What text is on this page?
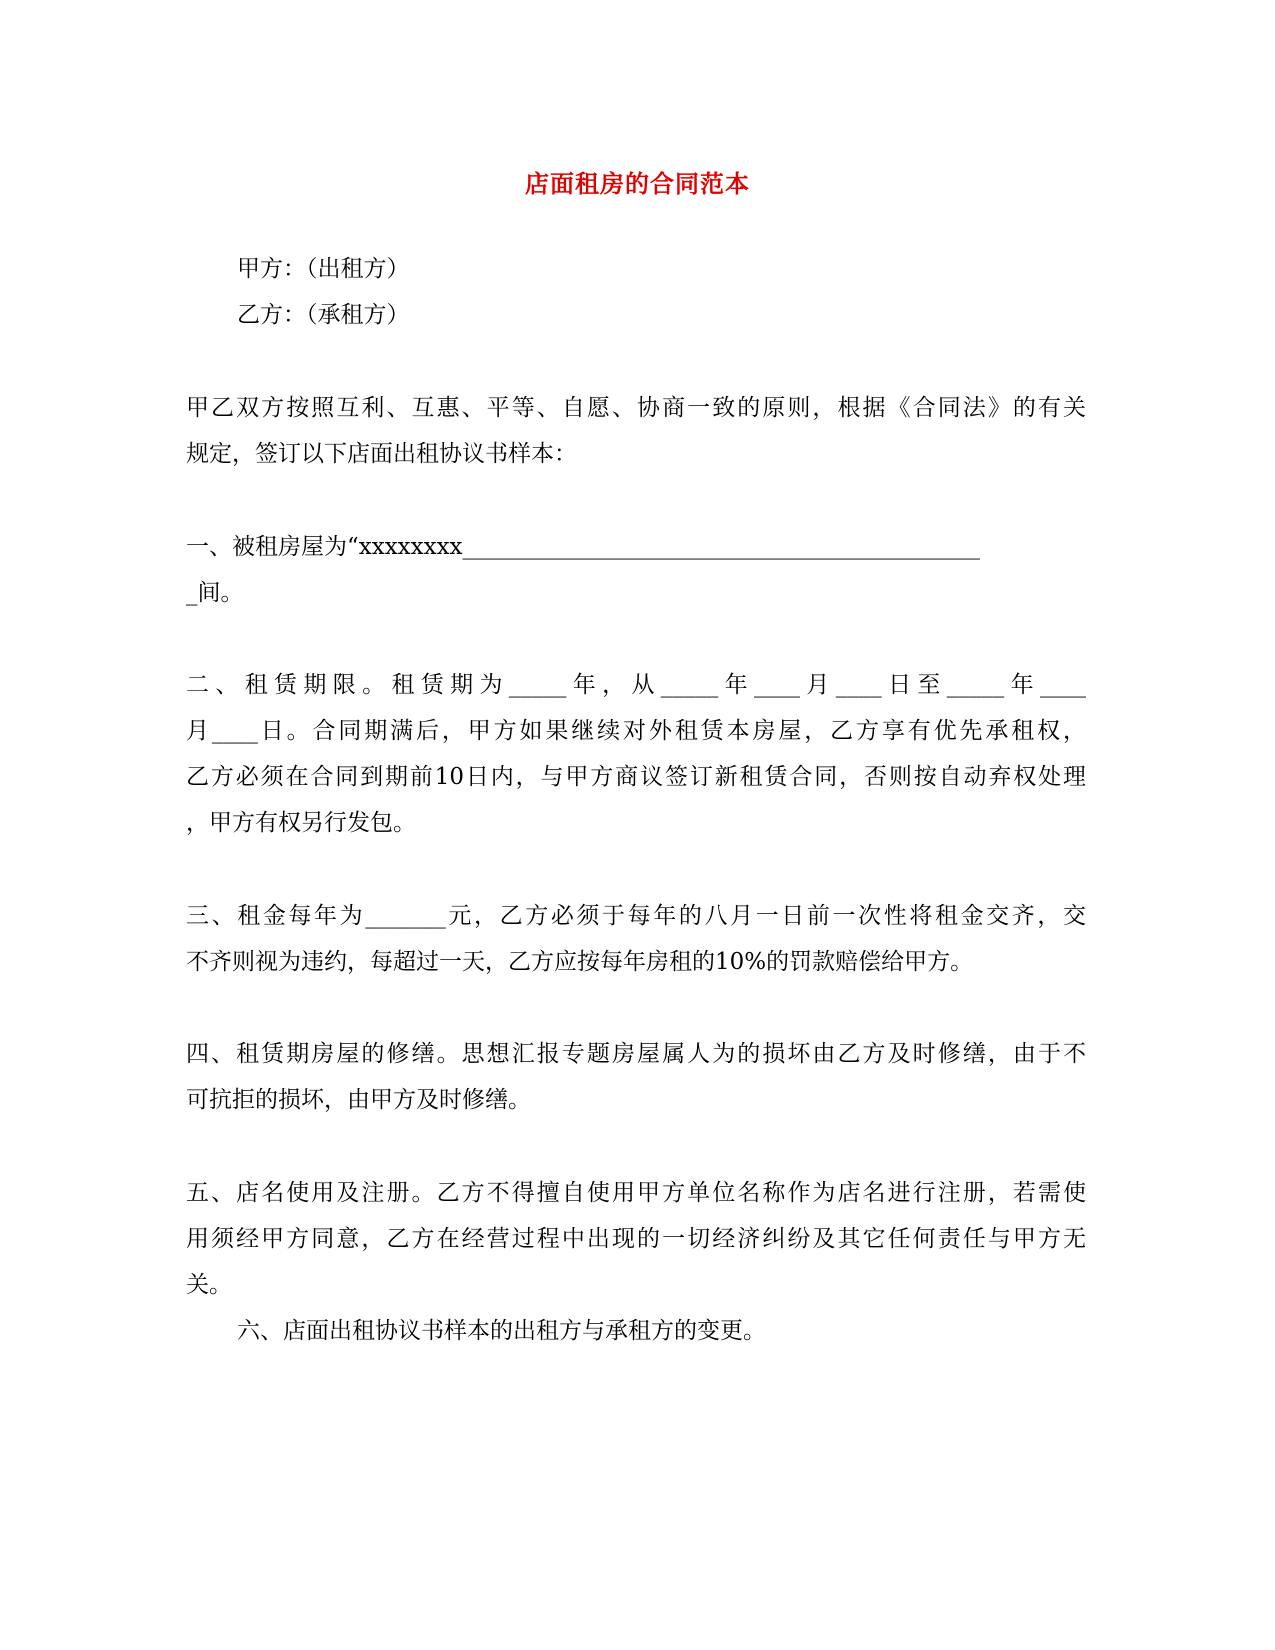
店面租房的合同范本
甲方：（出租方）
乙方：（承租方）
甲乙双方按照互利、互惠、平等、自愿、协商一致的原则，根据《合同法》的有关
规定，签订以下店面出租协议书样本：
一、被租房屋为“xxxxxxxx_____________________________________________
_间。
二、租赁期限。租赁期为_____年，从_____年____月____日至_____年____
月____日。合同期满后，甲方如果继续对外租赁本房屋，乙方享有优先承租权，
乙方必须在合同到期前10日内，与甲方商议签订新租赁合同，否则按自动弃权处理
，甲方有权另行发包。
三、租金每年为_______元，乙方必须于每年的八月一日前一次性将租金交齐，交
不齐则视为违约，每超过一天，乙方应按每年房租的10%的罚款赔偿给甲方。
四、租赁期房屋的修缮。思想汇报专题房屋属人为的损坏由乙方及时修缮，由于不
可抗拒的损坏，由甲方及时修缮。
五、店名使用及注册。乙方不得擅自使用甲方单位名称作为店名进行注册，若需使
用须经甲方同意，乙方在经营过程中出现的一切经济纠纷及其它任何责任与甲方无
关。
六、店面出租协议书样本的出租方与承租方的变更。
